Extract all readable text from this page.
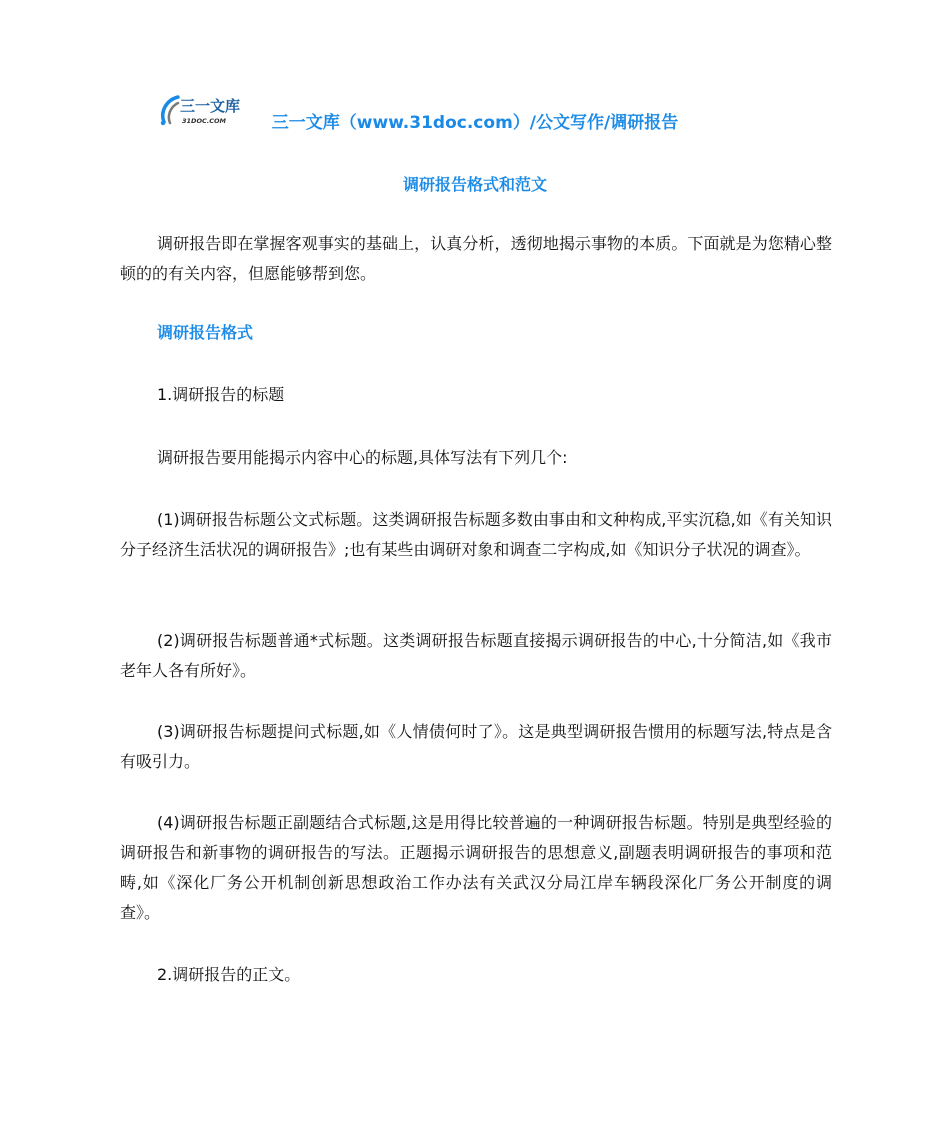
三一文库
31DOC.COM	三一文库（www.31doc.com）/公文写作/调研报告
调研报告格式和范文
调研报告即在掌握客观事实的基础上，认真分析，透彻地揭示事物的本质。下面就是为您精心整顿的的有关内容，但愿能够帮到您。
调研报告格式
1.调研报告的标题
调研报告要用能揭示内容中心的标题,具体写法有下列几个:
(1)调研报告标题公文式标题。这类调研报告标题多数由事由和文种构成,平实沉稳,如《有关知识分子经济生活状况的调研报告》;也有某些由调研对象和调查二字构成,如《知识分子状况的调查》。
(2)调研报告标题普通*式标题。这类调研报告标题直接揭示调研报告的中心,十分简洁,如《我市老年人各有所好》。
(3)调研报告标题提问式标题,如《人情债何时了》。这是典型调研报告惯用的标题写法,特点是含有吸引力。
(4)调研报告标题正副题结合式标题,这是用得比较普遍的一种调研报告标题。特别是典型经验的调研报告和新事物的调研报告的写法。正题揭示调研报告的思想意义,副题表明调研报告的事项和范畴,如《深化厂务公开机制创新思想政治工作办法有关武汉分局江岸车辆段深化厂务公开制度的调查》。
2.调研报告的正文。
